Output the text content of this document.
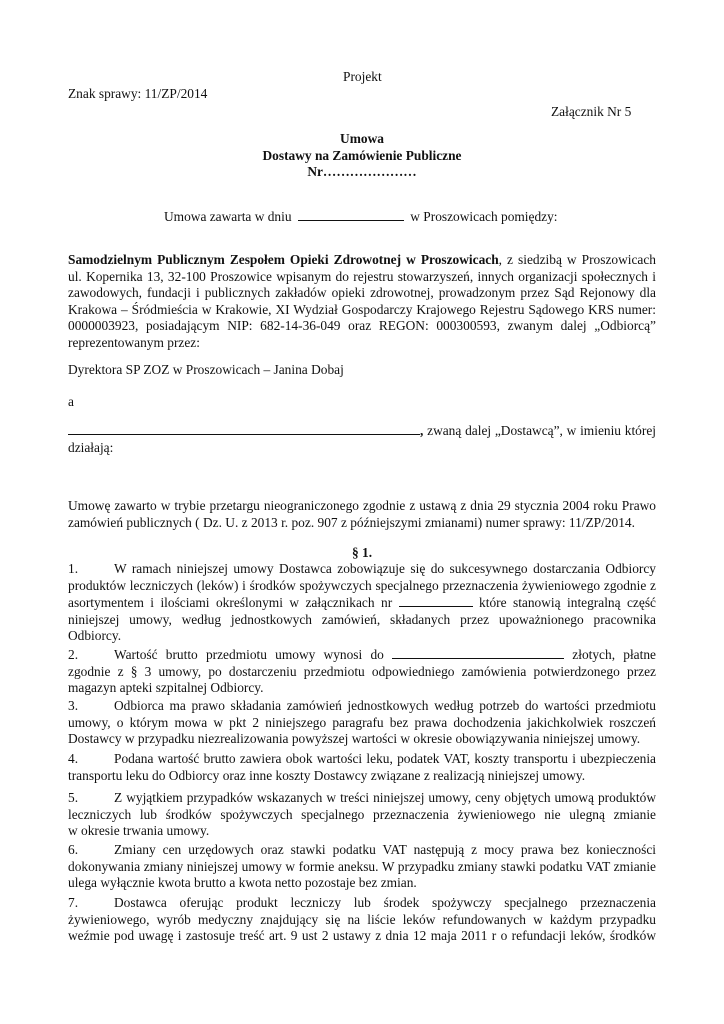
Projekt
Znak sprawy: 11/ZP/2014
Załącznik Nr 5
Umowa
Dostawy na Zamówienie Publiczne
Nr…………………
Umowa zawarta w dniu	w Proszowicach pomiędzy:
Samodzielnym Publicznym Zespołem Opieki Zdrowotnej w Proszowicach, z siedzibą w Proszowicach
ul. Kopernika 13, 32-100 Proszowice wpisanym do rejestru stowarzyszeń, innych organizacji społecznych i
zawodowych, fundacji i publicznych zakładów opieki zdrowotnej, prowadzonym przez Sąd Rejonowy dla
Krakowa – Śródmieścia w Krakowie, XI Wydział Gospodarczy Krajowego Rejestru Sądowego KRS numer:
0000003923, posiadającym NIP: 682-14-36-049 oraz REGON: 000300593, zwanym dalej „Odbiorcą”
reprezentowanym przez:
Dyrektora SP ZOZ w Proszowicach – Janina Dobaj
a
, zwaną dalej „Dostawcą”, w imieniu której
działają:
Umowę zawarto w trybie przetargu nieograniczonego zgodnie z ustawą z dnia 29 stycznia 2004 roku Prawo
zamówień publicznych ( Dz. U. z 2013 r. poz. 907 z późniejszymi zmianami) numer sprawy: 11/ZP/2014.
§ 1.
1.	W ramach niniejszej umowy Dostawca zobowiązuje się do sukcesywnego dostarczania Odbiorcy
produktów leczniczych (leków) i środków spożywczych specjalnego przeznaczenia żywieniowego zgodnie z
asortymentem i ilościami określonymi w załącznikach nr	które stanowią integralną część
niniejszej umowy, według jednostkowych zamówień, składanych przez upoważnionego pracownika
Odbiorcy.
2.	Wartość brutto przedmiotu umowy wynosi do	złotych, płatne
zgodnie z § 3 umowy, po dostarczeniu przedmiotu odpowiedniego zamówienia potwierdzonego przez
magazyn apteki szpitalnej Odbiorcy.
3.	Odbiorca ma prawo składania zamówień jednostkowych według potrzeb do wartości przedmiotu
umowy, o którym mowa w pkt 2 niniejszego paragrafu bez prawa dochodzenia jakichkolwiek roszczeń
Dostawcy w przypadku niezrealizowania powyższej wartości w okresie obowiązywania niniejszej umowy.
4.	Podana wartość brutto zawiera obok wartości leku, podatek VAT, koszty transportu i ubezpieczenia
transportu leku do Odbiorcy oraz inne koszty Dostawcy związane z realizacją niniejszej umowy.
5.	Z wyjątkiem przypadków wskazanych w treści niniejszej umowy, ceny objętych umową produktów
leczniczych lub środków spożywczych specjalnego przeznaczenia żywieniowego nie ulegną zmianie
w okresie trwania umowy.
6.	Zmiany cen urzędowych oraz stawki podatku VAT następują z mocy prawa bez konieczności
dokonywania zmiany niniejszej umowy w formie aneksu. W przypadku zmiany stawki podatku VAT zmianie
ulega wyłącznie kwota brutto a kwota netto pozostaje bez zmian.
7.	Dostawca oferując produkt leczniczy lub środek spożywczy specjalnego przeznaczenia
żywieniowego, wyrób medyczny znajdujący się na liście leków refundowanych w każdym przypadku
weźmie pod uwagę i zastosuje treść art. 9 ust 2 ustawy z dnia 12 maja 2011 r o refundacji leków, środków
